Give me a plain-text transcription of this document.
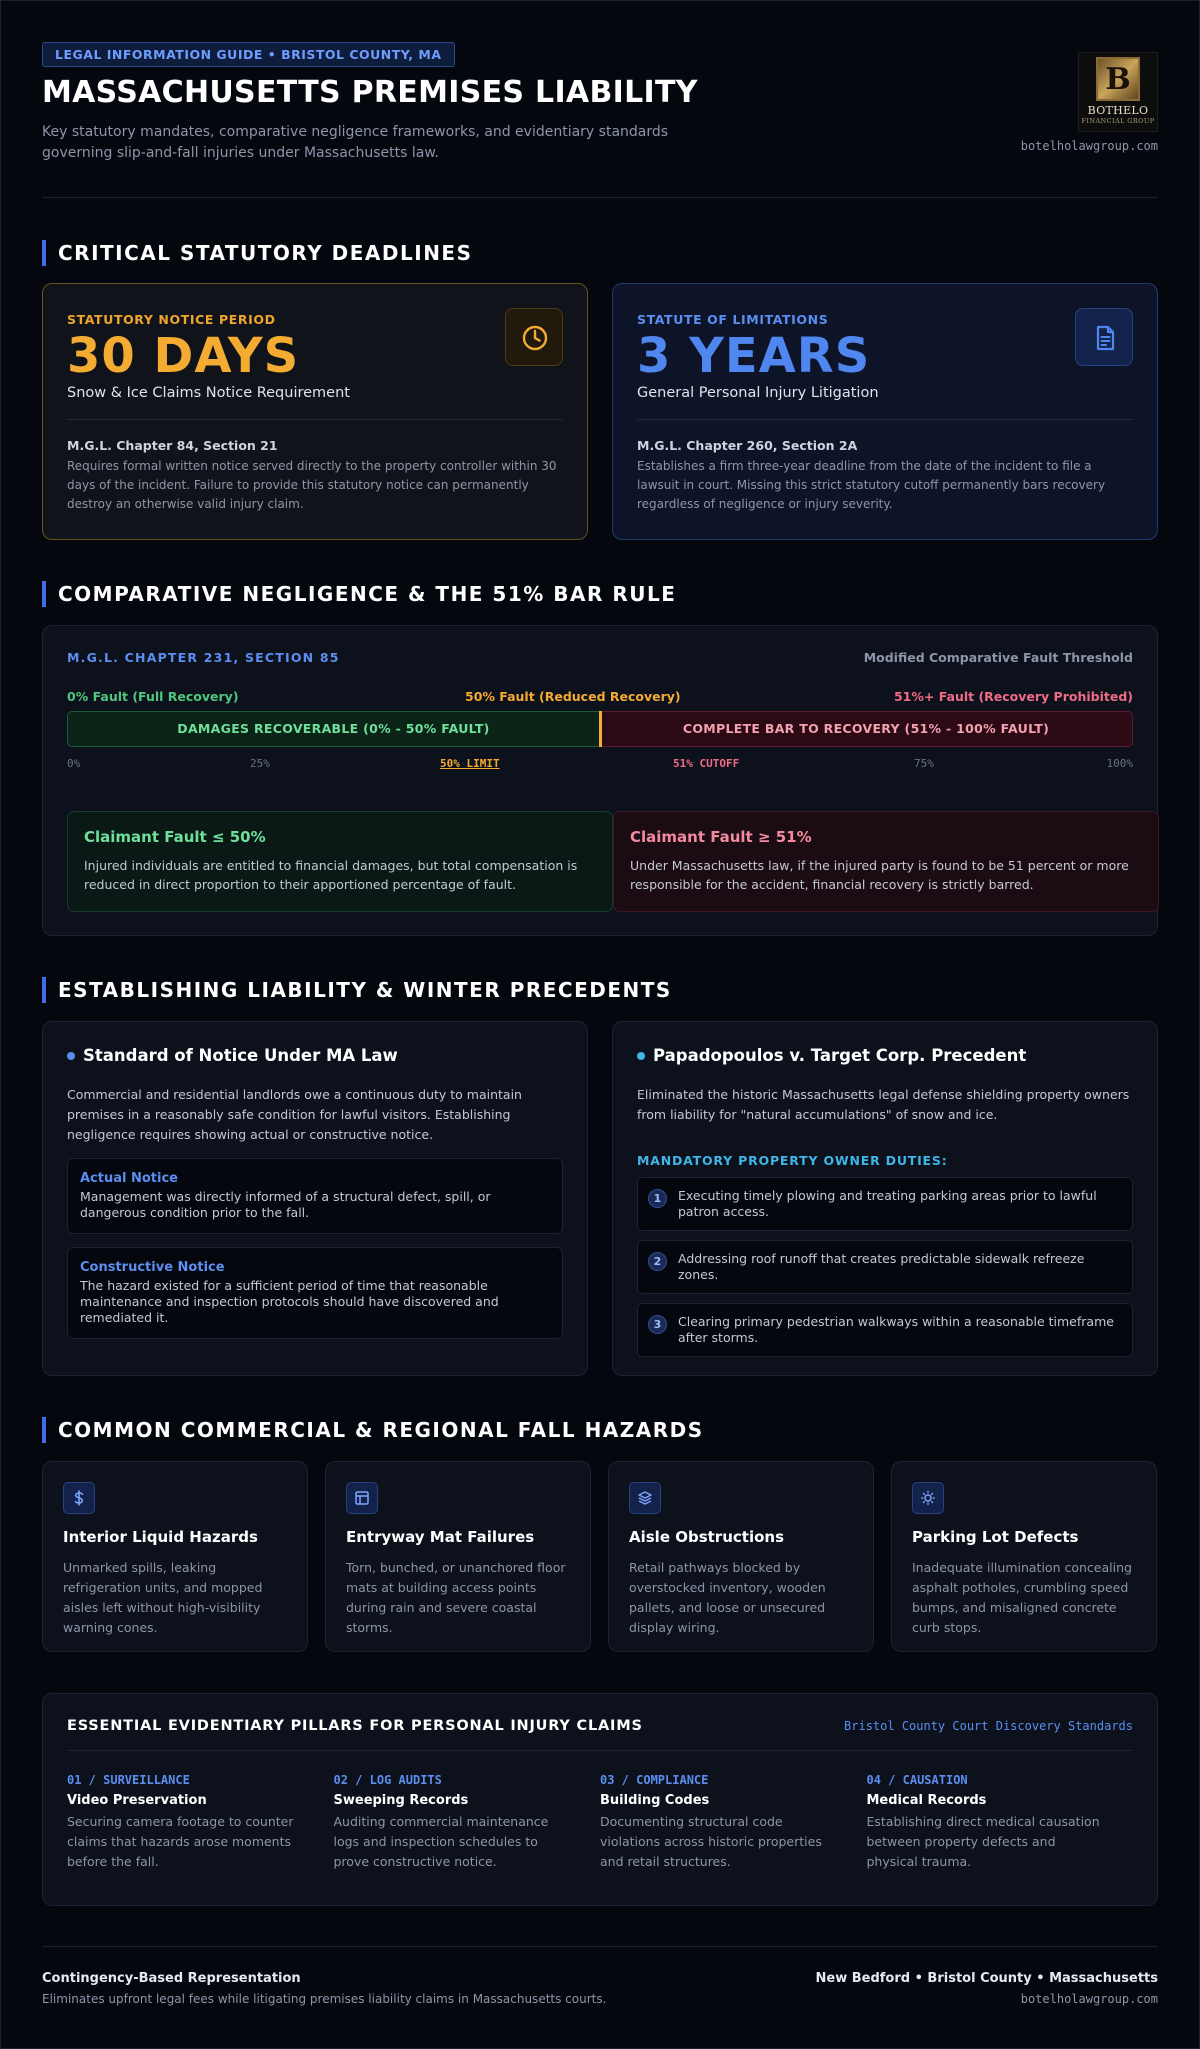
LEGAL INFORMATION GUIDE • BRISTOL COUNTY, MA
MASSACHUSETTS PREMISES LIABILITY
Key statutory mandates, comparative negligence frameworks, and evidentiary standards governing slip-and-fall injuries under Massachusetts law.
B
BOTHELO
FINANCIAL GROUP
botelholawgroup.com
CRITICAL STATUTORY DEADLINES
STATUTORY NOTICE PERIOD
30 DAYS
Snow & Ice Claims Notice Requirement
M.G.L. Chapter 84, Section 21
Requires formal written notice served directly to the property controller within 30 days of the incident. Failure to provide this statutory notice can permanently destroy an otherwise valid injury claim.
STATUTE OF LIMITATIONS
3 YEARS
General Personal Injury Litigation
M.G.L. Chapter 260, Section 2A
Establishes a firm three-year deadline from the date of the incident to file a lawsuit in court. Missing this strict statutory cutoff permanently bars recovery regardless of negligence or injury severity.
COMPARATIVE NEGLIGENCE & THE 51% BAR RULE
M.G.L. CHAPTER 231, SECTION 85	Modified Comparative Fault Threshold
0% Fault (Full Recovery)	50% Fault (Reduced Recovery)	51%+ Fault (Recovery Prohibited)
DAMAGES RECOVERABLE (0% - 50% FAULT)	COMPLETE BAR TO RECOVERY (51% - 100% FAULT)
0%	25%	50% LIMIT	51% CUTOFF	75%	100%
Claimant Fault ≤ 50%

Injured individuals are entitled to financial damages, but total compensation is reduced in direct proportion to their apportioned percentage of fault.

Claimant Fault ≥ 51%

Under Massachusetts law, if the injured party is found to be 51 percent or more responsible for the accident, financial recovery is strictly barred.

ESTABLISHING LIABILITY & WINTER PRECEDENTS
Standard of Notice Under MA Law
Commercial and residential landlords owe a continuous duty to maintain premises in a reasonably safe condition for lawful visitors. Establishing negligence requires showing actual or constructive notice.
Actual Notice

Management was directly informed of a structural defect, spill, or dangerous condition prior to the fall.

Constructive Notice

The hazard existed for a sufficient period of time that reasonable maintenance and inspection protocols should have discovered and remediated it.

Papadopoulos v. Target Corp. Precedent
Eliminated the historic Massachusetts legal defense shielding property owners from liability for "natural accumulations" of snow and ice.
MANDATORY PROPERTY OWNER DUTIES:
1	Executing timely plowing and treating parking areas prior to lawful patron access.

2	Addressing roof runoff that creates predictable sidewalk refreeze zones.

3	Clearing primary pedestrian walkways within a reasonable timeframe after storms.

COMMON COMMERCIAL & REGIONAL FALL HAZARDS
Interior Liquid Hazards

Unmarked spills, leaking refrigeration units, and mopped aisles left without high-visibility warning cones.

Entryway Mat Failures

Torn, bunched, or unanchored floor mats at building access points during rain and severe coastal storms.

Aisle Obstructions

Retail pathways blocked by overstocked inventory, wooden pallets, and loose or unsecured display wiring.

Parking Lot Defects

Inadequate illumination concealing asphalt potholes, crumbling speed bumps, and misaligned concrete curb stops.

ESSENTIAL EVIDENTIARY PILLARS FOR PERSONAL INJURY CLAIMS	Bristol County Court Discovery Standards
01 / SURVEILLANCE
Video Preservation

Securing camera footage to counter claims that hazards arose moments before the fall.

02 / LOG AUDITS
Sweeping Records

Auditing commercial maintenance logs and inspection schedules to prove constructive notice.

03 / COMPLIANCE
Building Codes

Documenting structural code violations across historic properties and retail structures.

04 / CAUSATION
Medical Records

Establishing direct medical causation between property defects and physical trauma.

Contingency-Based Representation

Eliminates upfront legal fees while litigating premises liability claims in Massachusetts courts.

New Bedford • Bristol County • Massachusetts

botelholawgroup.com
